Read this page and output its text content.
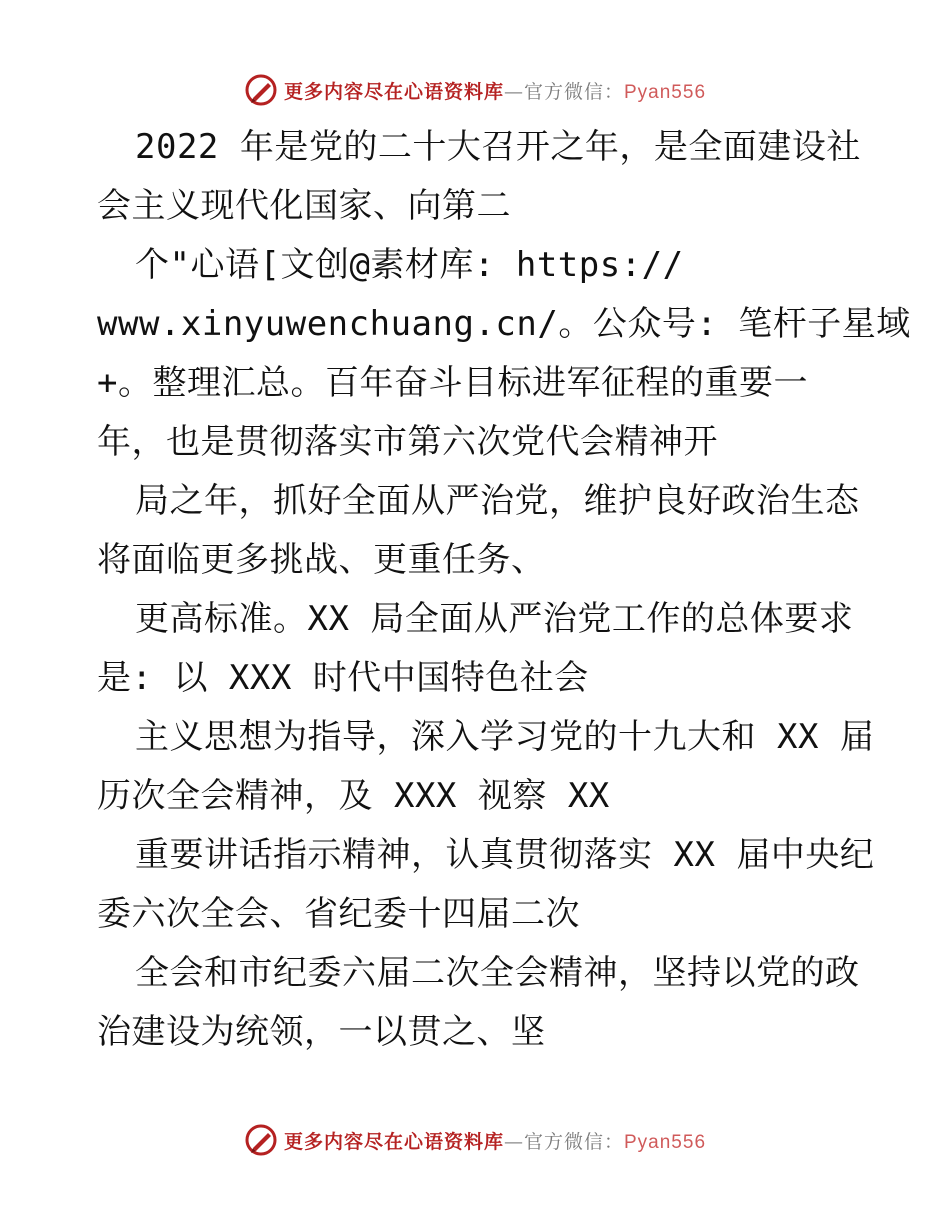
更多内容尽在心语资料库—官方微信：Pyan556
2022 年是党的二十大召开之年，是全面建设社
会主义现代化国家、向第二
个"心语[文创@素材库: https://
www.xinyuwenchuang.cn/。公众号: 笔杆子星域
+。整理汇总。百年奋斗目标进军征程的重要一
年，也是贯彻落实市第六次党代会精神开
局之年，抓好全面从严治党，维护良好政治生态
将面临更多挑战、更重任务、
更高标准。XX 局全面从严治党工作的总体要求
是: 以 XXX 时代中国特色社会
主义思想为指导，深入学习党的十九大和 XX 届
历次全会精神，及 XXX 视察 XX
重要讲话指示精神，认真贯彻落实 XX 届中央纪
委六次全会、省纪委十四届二次
全会和市纪委六届二次全会精神，坚持以党的政
治建设为统领，一以贯之、坚
更多内容尽在心语资料库—官方微信：Pyan556
